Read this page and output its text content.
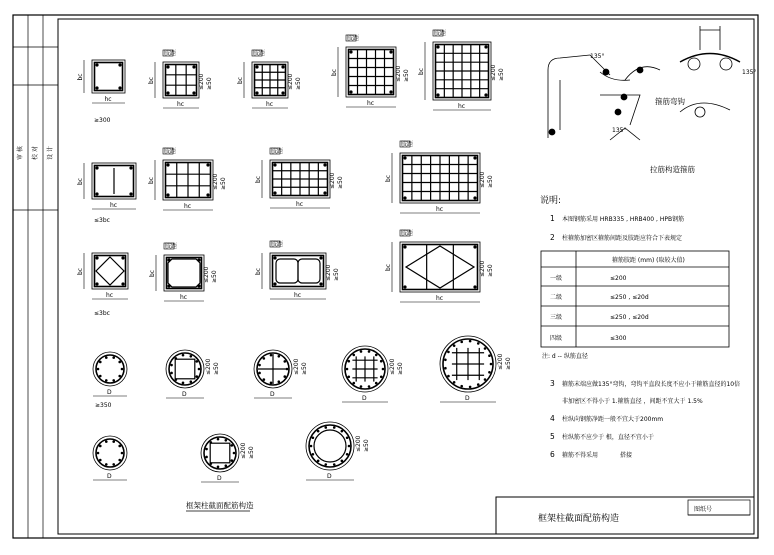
审 核 校 对 设 计
框架柱截面配筋构造
图纸号
hc
bc
hc
bc
肢距
≤200 ≥50
hc
bc
肢距
≤200 ≥50
hc
bc
肢距
≤200 ≥50
hc
bc
肢距
≤200 ≥50
hc
bc
hc
bc
肢距
≤200 ≥50
hc
bc
肢距
≤200 ≥50
hc
bc
肢距
≤200 ≥50
hc
bc
hc
bc
肢距
≤200 ≥50
hc
bc
肢距
≤200 ≥50
hc
bc
肢距
≤200 ≥50
≥300
≤3bc
≤3bc
D	D
≤200 ≥50
D
≤200 ≥50
D
≤200 ≥50
D
≤200 ≥50
D	D
≤200 ≥50
D
≤200 ≥50
≥350
135°
135°
135°
箍筋弯钩
拉筋构造箍筋
说明:
1 本图钢筋采用 HRB335 , HRB400 , HPB钢筋
2 柱箍筋加密区箍筋间距及肢距应符合下表规定
注: d -- 纵筋直径
3 箍筋末端应做135°弯钩，弯钩平直段长度不应小于箍筋直径的10倍
非加密区不得小于 1.箍筋直径 ，间距不宜大于 1.5%
4 柱纵向钢筋净距一般不宜大于200mm
5 柱纵筋不应少于 根，直径不宜小于
6 箍筋不得采用	搭接
箍筋肢距 (mm) (取较大值)
一级	≤200
二级	≤250 , ≤20d
三级	≤250 , ≤20d
四级	≤300
框架柱截面配筋构造
